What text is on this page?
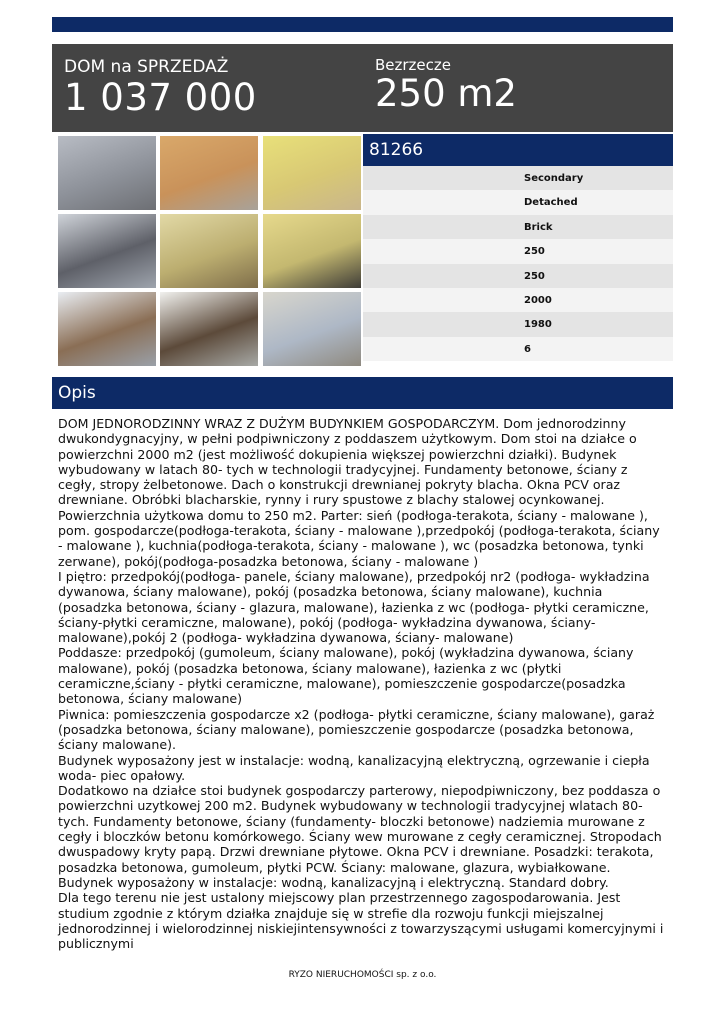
DOM na SPRZEDAŻ
1 037 000
Bezrzecze
250 m2
81266
Secondary
Detached
Brick
250
250
2000
1980
6
Opis

DOM JEDNORODZINNY WRAZ Z DUŻYM BUDYNKIEM GOSPODARCZYM. Dom jednorodzinny dwukondygnacyjny, w pełni podpiwniczony z poddaszem użytkowym. Dom stoi na działce o powierzchni 2000 m2 (jest możliwość dokupienia większej powierzchni działki). Budynek wybudowany w latach 80- tych w technologii tradycyjnej. Fundamenty betonowe, ściany z cegły, stropy żelbetonowe. Dach o konstrukcji drewnianej pokryty blacha. Okna PCV oraz drewniane. Obróbki blacharskie, rynny i rury spustowe z blachy stalowej ocynkowanej. Powierzchnia użytkowa domu to 250 m2. Parter: sień (podłoga-terakota, ściany - malowane ), pom. gospodarcze(podłoga-terakota, ściany - malowane ),przedpokój (podłoga-terakota, ściany - malowane ), kuchnia(podłoga-terakota, ściany - malowane ), wc (posadzka betonowa, tynki zerwane), pokój(podłoga-posadzka betonowa, ściany - malowane )

I piętro: przedpokój(podłoga- panele, ściany malowane), przedpokój nr2 (podłoga- wykładzina dywanowa, ściany malowane), pokój (posadzka betonowa, ściany malowane), kuchnia (posadzka betonowa, ściany - glazura, malowane), łazienka z wc (podłoga- płytki ceramiczne, ściany-płytki ceramiczne, malowane), pokój (podłoga- wykładzina dywanowa, ściany- malowane),pokój 2 (podłoga- wykładzina dywanowa, ściany- malowane)

Poddasze: przedpokój (gumoleum, ściany malowane), pokój (wykładzina dywanowa, ściany malowane), pokój (posadzka betonowa, ściany malowane), łazienka z wc (płytki ceramiczne,ściany - płytki ceramiczne, malowane), pomieszczenie gospodarcze(posadzka betonowa, ściany malowane)

Piwnica: pomieszczenia gospodarcze x2 (podłoga- płytki ceramiczne, ściany malowane), garaż (posadzka betonowa, ściany malowane), pomieszczenie gospodarcze (posadzka betonowa, ściany malowane).

Budynek wyposażony jest w instalacje: wodną, kanalizacyjną elektryczną, ogrzewanie i ciepła woda- piec opałowy.

Dodatkowo na działce stoi budynek gospodarczy parterowy, niepodpiwniczony, bez poddasza o powierzchni uzytkowej 200 m2. Budynek wybudowany w technologii tradycyjnej wlatach 80-tych. Fundamenty betonowe, ściany (fundamenty- bloczki betonowe) nadziemia murowane z cegły i bloczków betonu komórkowego. Ściany wew murowane z cegły ceramicznej. Stropodach dwuspadowy kryty papą. Drzwi drewniane płytowe. Okna PCV i drewniane. Posadzki: terakota, posadzka betonowa, gumoleum, płytki PCW. Ściany: malowane, glazura, wybiałkowane. Budynek wyposażony w instalacje: wodną, kanalizacyjną i elektryczną. Standard dobry.

Dla tego terenu nie jest ustalony miejscowy plan przestrzennego zagospodarowania. Jest studium zgodnie z którym działka znajduje się w strefie dla rozwoju funkcji miejszalnej jednorodzinnej i wielorodzinnej niskiejintensywności z towarzyszącymi usługami komercyjnymi i publicznymi

RYZO NIERUCHOMOŚCI sp. z o.o.
